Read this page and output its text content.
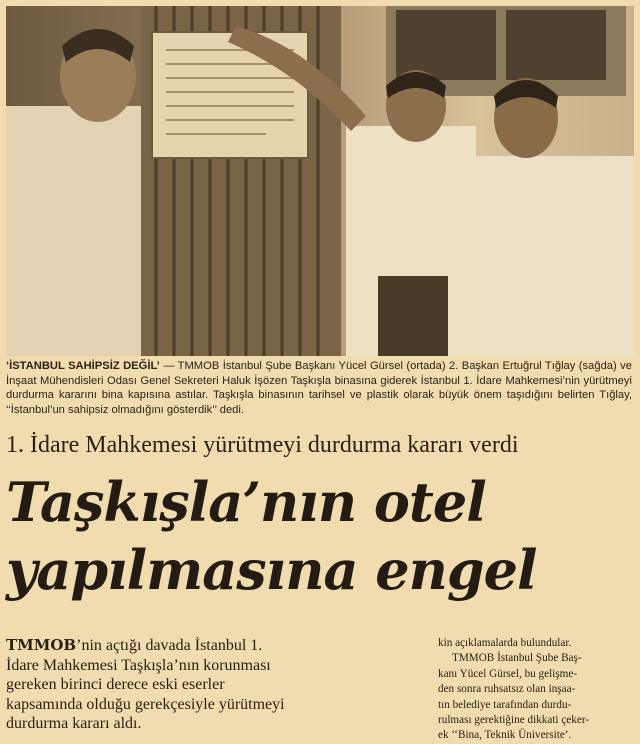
‘İSTANBUL SAHİPSİZ DEĞİL’ — TMMOB İstanbul Şube Başkanı Yücel Gürsel (ortada) 2. Başkan Ertuğrul Tığlay (sağda) ve İnşaat Mühendisleri Odası Genel Sekreteri Haluk İşözen Taşkışla binasına giderek İstanbul 1. İdare Mahkemesi’nin yürütmeyi durdurma kararını bina kapısına astılar. Taşkışla binasının tarihsel ve plastik olarak büyük önem taşıdığını belirten Tığlay, ‘‘İstanbul’un sahipsiz olmadığını gösterdik’’ dedi.
1. İdare Mahkemesi yürütmeyi durdurma kararı verdi
Taşkışla’nın otel
yapılmasına engel
TMMOB’nin açtığı davada İstanbul 1.
İdare Mahkemesi Taşkışla’nın korunması
gereken birinci derece eski eserler
kapsamında olduğu gerekçesiyle yürütmeyi
durdurma kararı aldı.
kin açıklamalarda bulundular.
TMMOB İstanbul Şube Baş-
kanı Yücel Gürsel, bu gelişme-
den sonra ruhsatsız olan inşaa-
tın belediye tarafından durdu-
rulması gerektiğine dikkati çeker-
ek ‘‘Bina, Teknik Üniversite’.
